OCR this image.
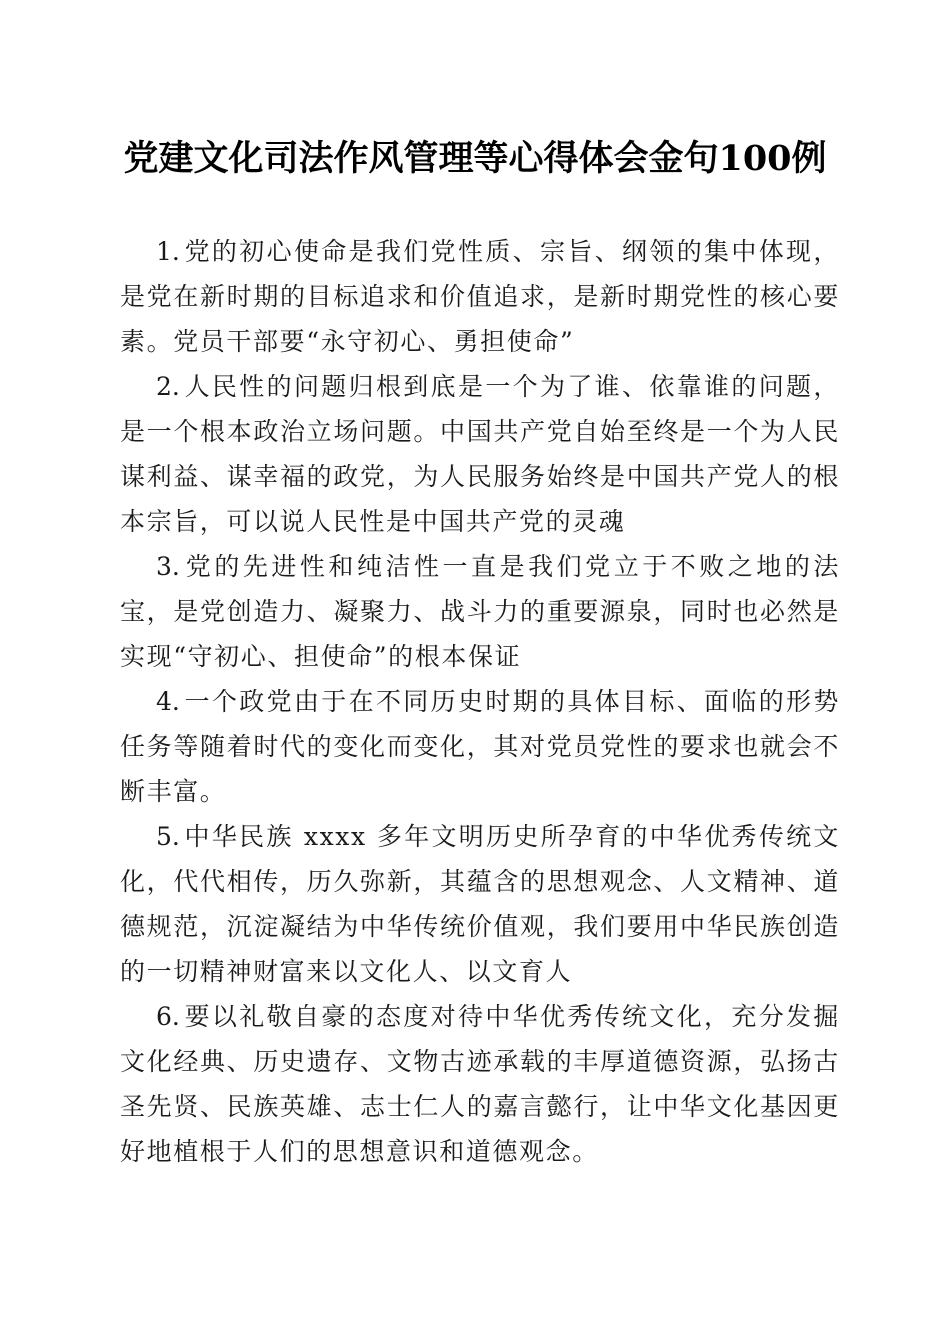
党建文化司法作风管理等心得体会金句100例

1. 党的初心使命是我们党性质、宗旨、纲领的集中体现，是党在新时期的目标追求和价值追求，是新时期党性的核心要素。党员干部要“永守初心、勇担使命”

2. 人民性的问题归根到底是一个为了谁、依靠谁的问题，是一个根本政治立场问题。中国共产党自始至终是一个为人民谋利益、谋幸福的政党，为人民服务始终是中国共产党人的根本宗旨，可以说人民性是中国共产党的灵魂

3. 党的先进性和纯洁性一直是我们党立于不败之地的法宝，是党创造力、凝聚力、战斗力的重要源泉，同时也必然是实现“守初心、担使命”的根本保证

4. 一个政党由于在不同历史时期的具体目标、面临的形势任务等随着时代的变化而变化，其对党员党性的要求也就会不断丰富。

5. 中华民族 xxxx 多年文明历史所孕育的中华优秀传统文化，代代相传，历久弥新，其蕴含的思想观念、人文精神、道德规范，沉淀凝结为中华传统价值观，我们要用中华民族创造的一切精神财富来以文化人、以文育人

6. 要以礼敬自豪的态度对待中华优秀传统文化，充分发掘文化经典、历史遗存、文物古迹承载的丰厚道德资源，弘扬古圣先贤、民族英雄、志士仁人的嘉言懿行，让中华文化基因更好地植根于人们的思想意识和道德观念。
